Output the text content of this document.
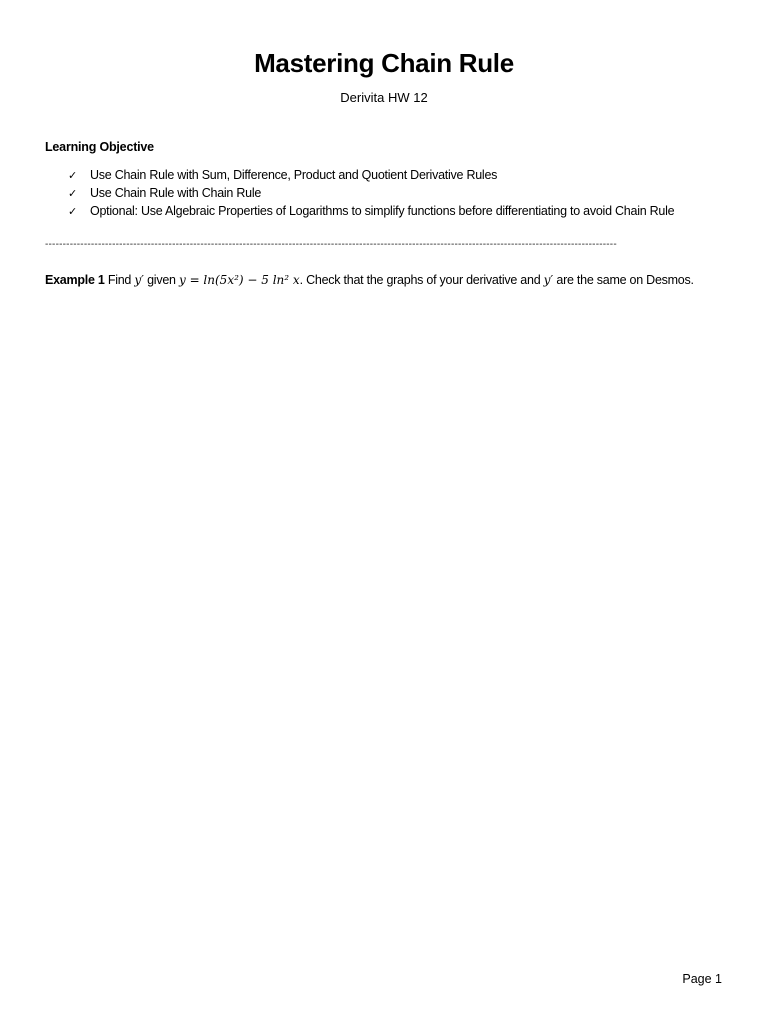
Mastering Chain Rule
Derivita HW 12
Learning Objective
✓	Use Chain Rule with Sum, Difference, Product and Quotient Derivative Rules
✓	Use Chain Rule with Chain Rule
✓	Optional: Use Algebraic Properties of Logarithms to simplify functions before differentiating to avoid Chain Rule
------------------------------------------------------------------------------------------------------------------------------------------------------------------
Example 1 Find y′ given y = ln(5x²) − 5 ln² x. Check that the graphs of your derivative and y′ are the same on Desmos.
Page 1
